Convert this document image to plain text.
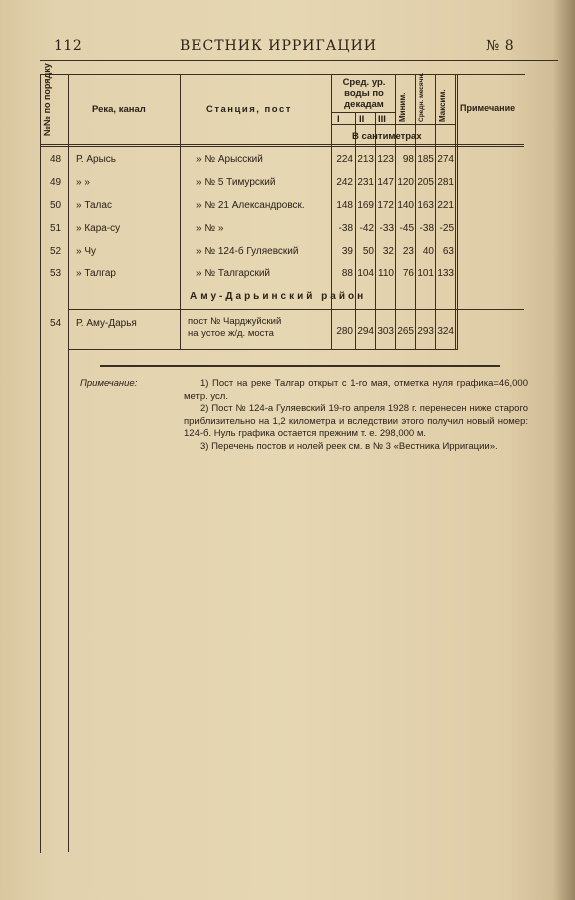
112	ВЕСТНИК ИРРИГАЦИИ	№ 8
№№ по порядку	Река, канал	Станция, пост
Сред. ур. воды по декадам
I II III Миним. Средн. месячн. Максим.
В сантиметрах
Примечание
48 Р. Арысь	» № Арысский	224 213 123 98 185 274
49 » »	» № 5 Тимурский	242 231 147 120 205 281
50 » Талас	» № 21 Александровск.	148 169 172 140 163 221
51 » Кара-су	» № »	-38 -42 -33 -45 -38 -25
52 » Чу	» № 124-б Гуляевский	39 50 32 23 40 63
53 » Талгар	» № Талгарский	88 104 110 76 101 133
Аму-Дарьинский район
54 Р. Аму-Дарья	пост № Чарджуйский
на устое ж/д. моста	280 294 303 265 293 324
Примечание:	1) Пост на реке Талгар открыт с 1-го мая, отметка нуля графика=46,000 метр. усл.

2) Пост № 124-а Гуляевский 19-го апреля 1928 г. перенесен ниже старого приблизительно на 1,2 километра и вследствии этого получил новый номер: 124-б. Нуль графика остается прежним т. е. 298,000 м.

3) Перечень постов и нолей реек см. в № 3 «Вестника Ирригации».
